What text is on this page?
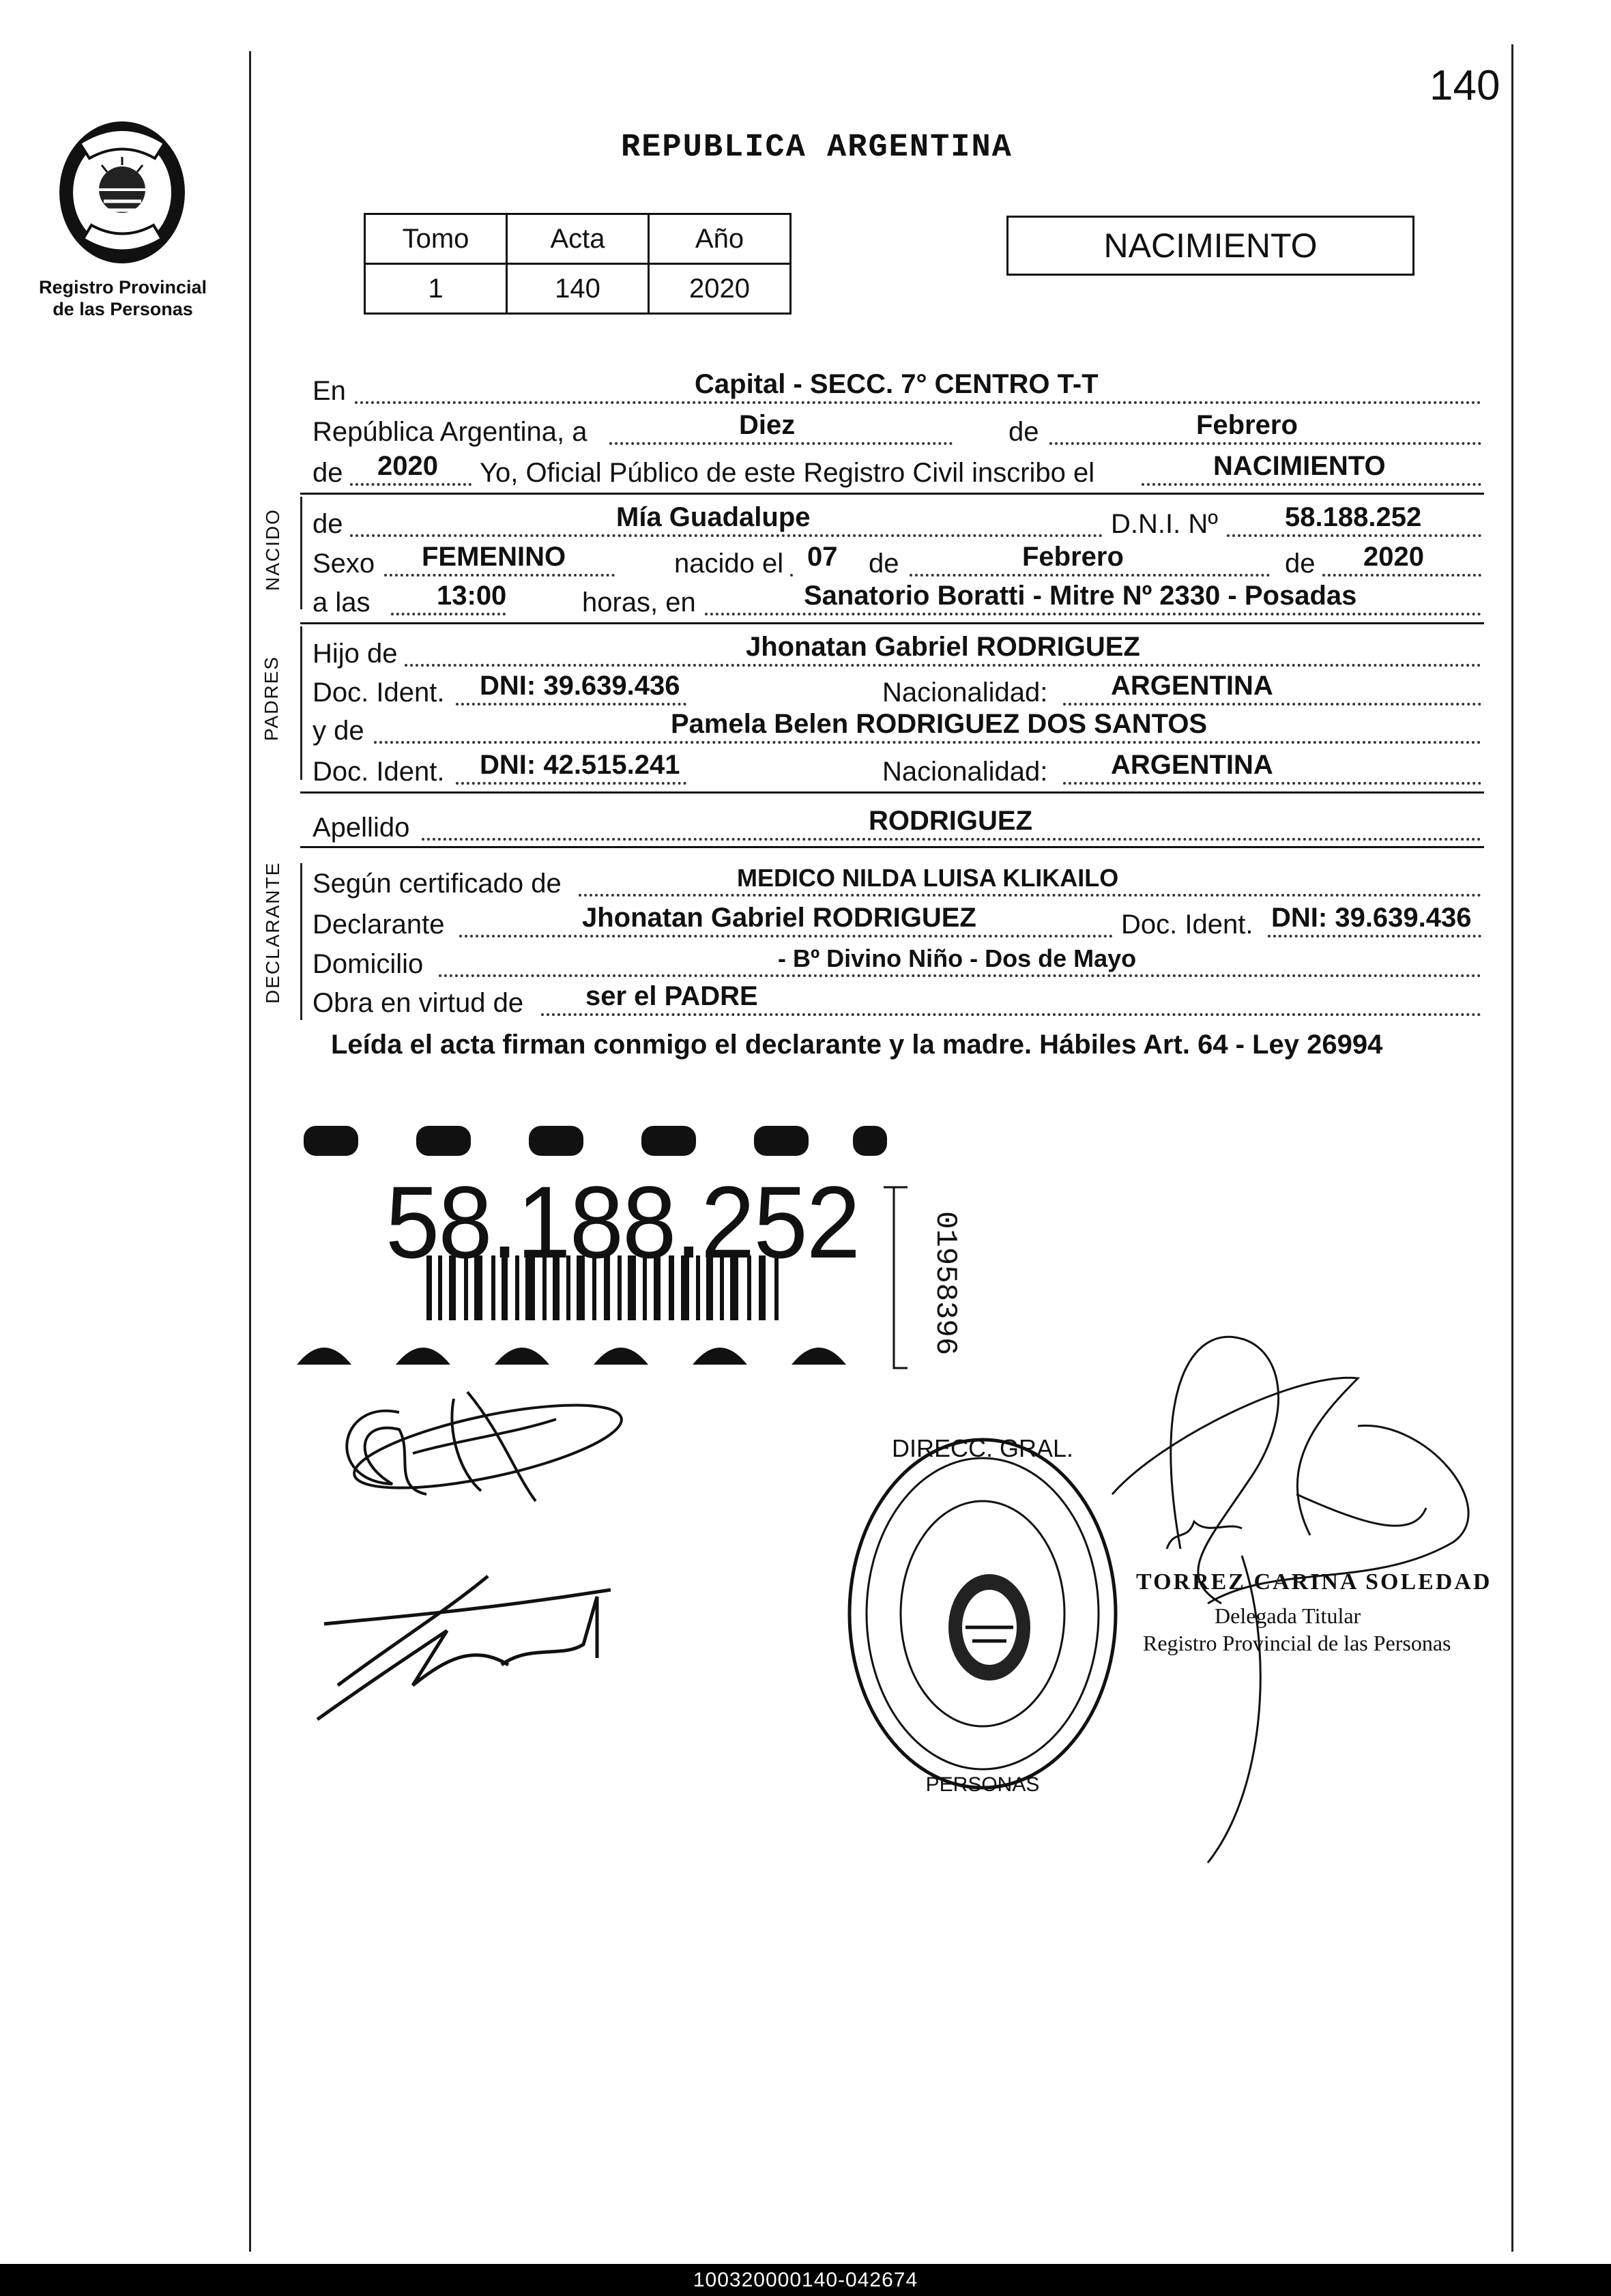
140
Registro Provincial
de las Personas
REPUBLICA ARGENTINA
Tomo	Acta	Año
1	140	2020
NACIMIENTO
En	Capital - SECC. 7° CENTRO T-T
República Argentina, a	Diez	de	Febrero
de 2020 Yo, Oficial Público de este Registro Civil inscribo el	NACIMIENTO
NACIDO de	Mía Guadalupe	D.N.I. Nº 58.188.252
Sexo FEMENINO	nacido el 07 de	Febrero	de 2020
a las 13:00	horas, en	Sanatorio Boratti - Mitre Nº 2330 - Posadas
PADRES
Hijo de	Jhonatan Gabriel RODRIGUEZ
Doc. Ident. DNI: 39.639.436	Nacionalidad: ARGENTINA
y de	Pamela Belen RODRIGUEZ DOS SANTOS
Doc. Ident. DNI: 42.515.241	Nacionalidad: ARGENTINA
Apellido	RODRIGUEZ
DECLARANTE Según certificado de	MEDICO NILDA LUISA KLIKAILO
Declarante	Jhonatan Gabriel RODRIGUEZ	Doc. Ident. DNI: 39.639.436
Domicilio	- Bº Divino Niño - Dos de Mayo
Obra en virtud de ser el PADRE
Leída el acta firman conmigo el declarante y la madre. Hábiles Art. 64 - Ley 26994
58.188.252 01958396
DIRECC. GRAL.
PERSONAS
TORREZ CARINA SOLEDAD
Delegada Titular
Registro Provincial de las Personas
100320000140-042674
